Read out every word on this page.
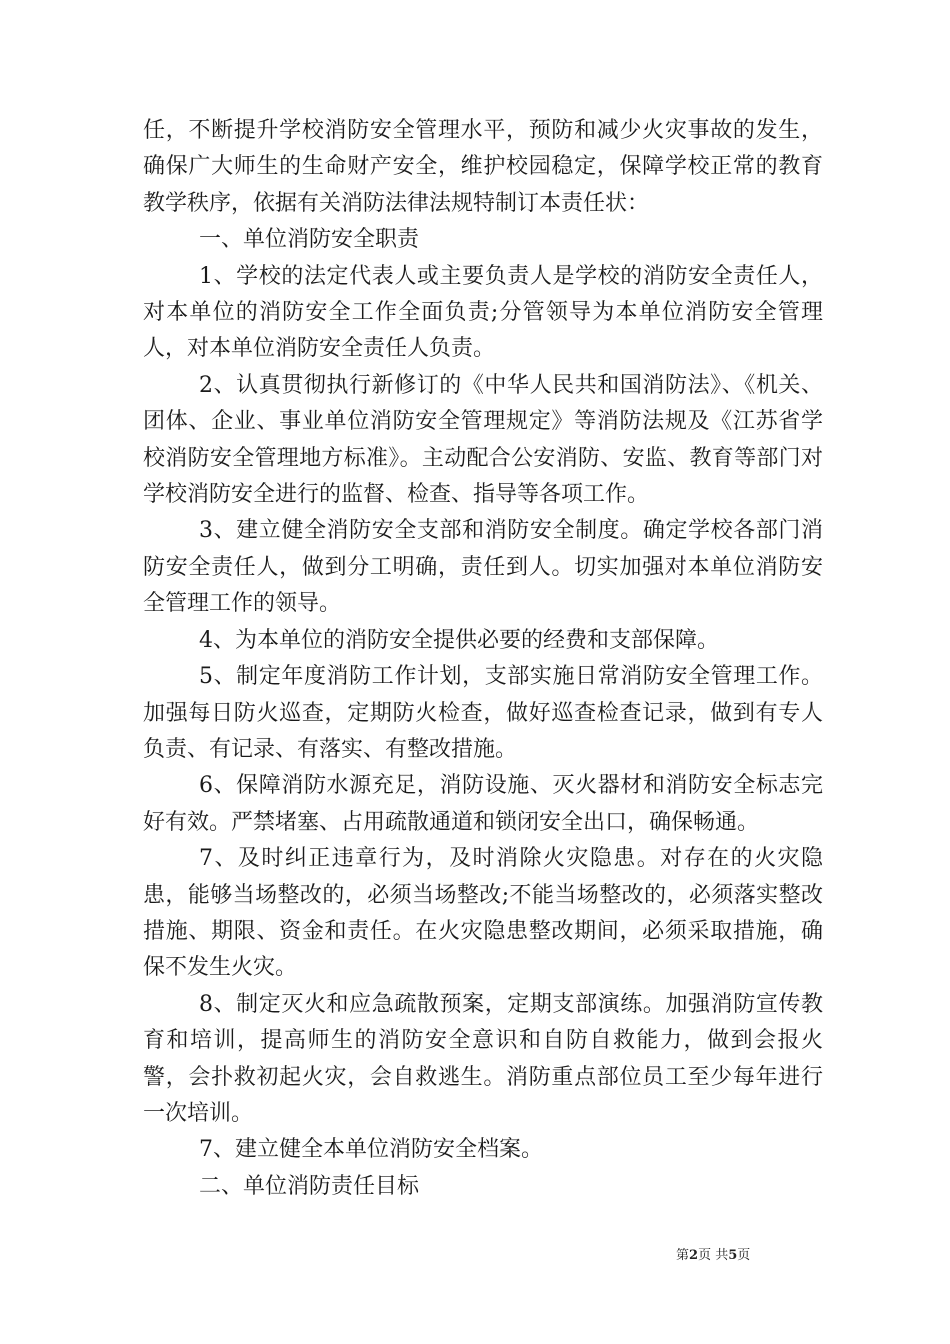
任，不断提升学校消防安全管理水平，预防和减少火灾事故的发生，确保广大师生的生命财产安全，维护校园稳定，保障学校正常的教育教学秩序，依据有关消防法律法规特制订本责任状：

一、单位消防安全职责

1、学校的法定代表人或主要负责人是学校的消防安全责任人，对本单位的消防安全工作全面负责;分管领导为本单位消防安全管理人，对本单位消防安全责任人负责。

2、认真贯彻执行新修订的《中华人民共和国消防法》、《机关、团体、企业、事业单位消防安全管理规定》等消防法规及《江苏省学校消防安全管理地方标准》。主动配合公安消防、安监、教育等部门对学校消防安全进行的监督、检查、指导等各项工作。

3、建立健全消防安全支部和消防安全制度。确定学校各部门消防安全责任人，做到分工明确，责任到人。切实加强对本单位消防安全管理工作的领导。

4、为本单位的消防安全提供必要的经费和支部保障。

5、制定年度消防工作计划，支部实施日常消防安全管理工作。加强每日防火巡查，定期防火检查，做好巡查检查记录，做到有专人负责、有记录、有落实、有整改措施。

6、保障消防水源充足，消防设施、灭火器材和消防安全标志完好有效。严禁堵塞、占用疏散通道和锁闭安全出口，确保畅通。

7、及时纠正违章行为，及时消除火灾隐患。对存在的火灾隐患，能够当场整改的，必须当场整改;不能当场整改的，必须落实整改措施、期限、资金和责任。在火灾隐患整改期间，必须采取措施，确保不发生火灾。

8、制定灭火和应急疏散预案，定期支部演练。加强消防宣传教育和培训，提高师生的消防安全意识和自防自救能力，做到会报火警，会扑救初起火灾，会自救逃生。消防重点部位员工至少每年进行一次培训。

7、建立健全本单位消防安全档案。

二、单位消防责任目标

第2页 共5页
